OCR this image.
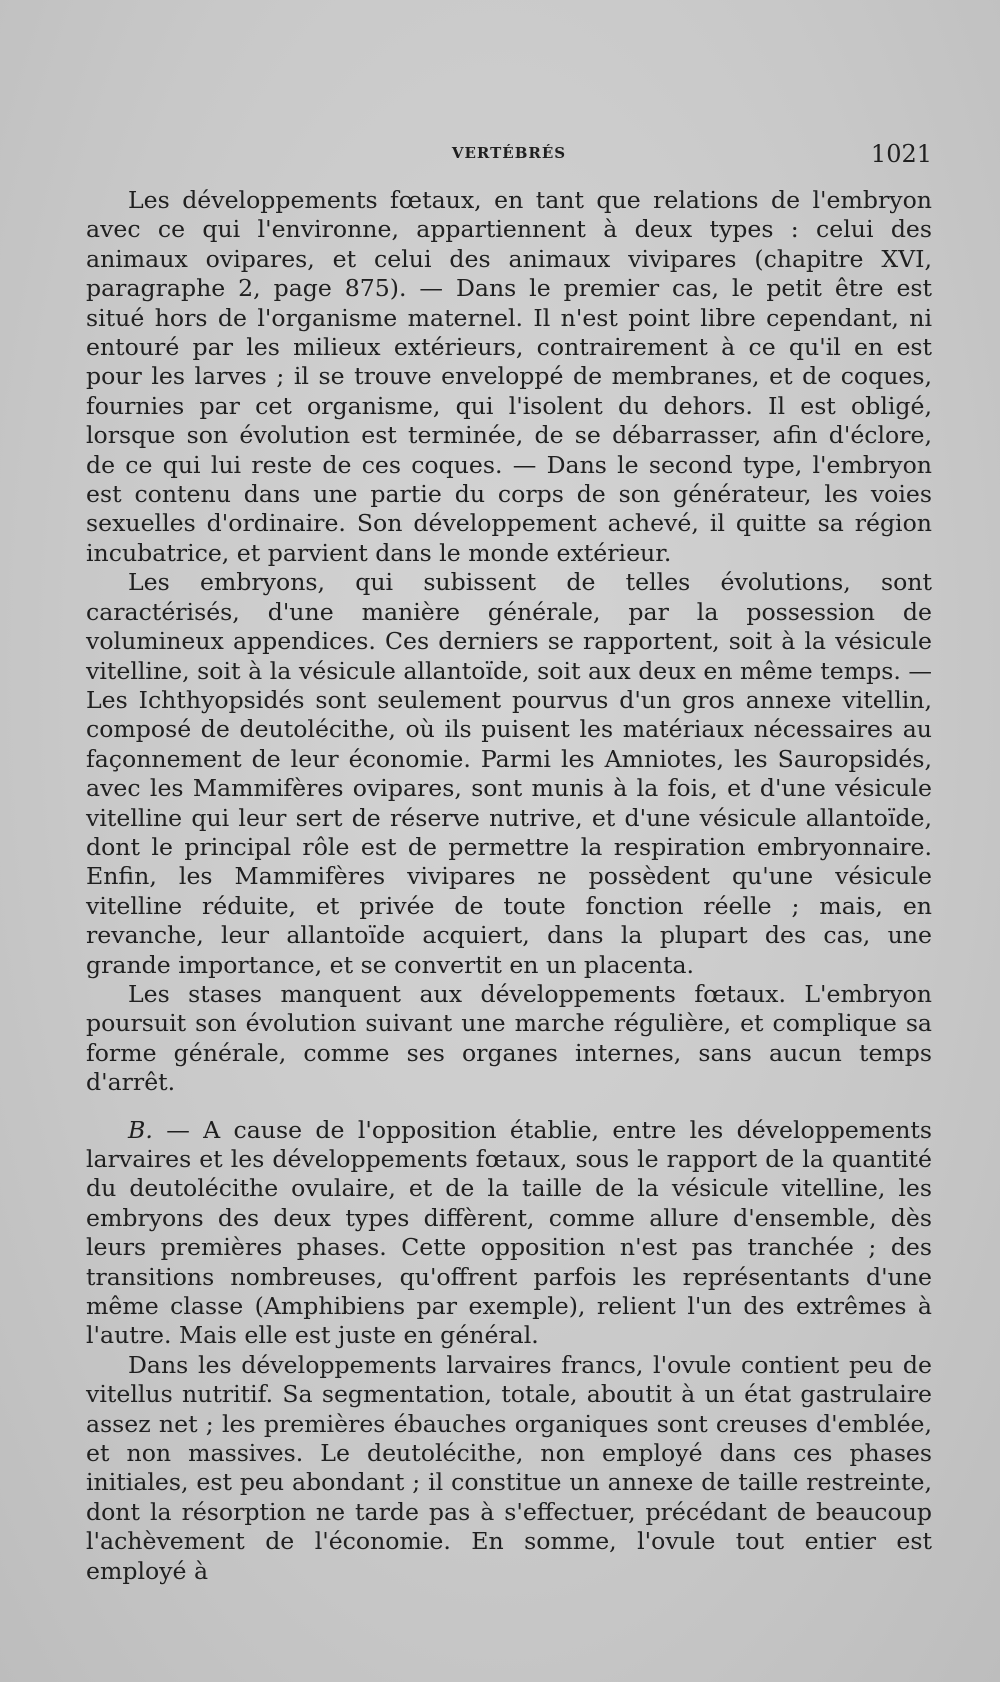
VERTÉBRÉS	1021

Les développements fœtaux, en tant que relations de l'embryon avec ce qui l'environne, appartiennent à deux types : celui des animaux ovipares, et celui des animaux vivipares (chapitre XVI, paragraphe 2, page 875). — Dans le premier cas, le petit être est situé hors de l'organisme maternel. Il n'est point libre cependant, ni entouré par les milieux extérieurs, contrairement à ce qu'il en est pour les larves ; il se trouve enveloppé de membranes, et de coques, fournies par cet organisme, qui l'isolent du dehors. Il est obligé, lorsque son évolution est terminée, de se débarrasser, afin d'éclore, de ce qui lui reste de ces coques. — Dans le second type, l'embryon est contenu dans une partie du corps de son générateur, les voies sexuelles d'ordinaire. Son développement achevé, il quitte sa région incubatrice, et parvient dans le monde extérieur.

Les embryons, qui subissent de telles évolutions, sont caractérisés, d'une manière générale, par la possession de volumineux appendices. Ces derniers se rapportent, soit à la vésicule vitelline, soit à la vésicule allantoïde, soit aux deux en même temps. — Les Ichthyopsidés sont seulement pourvus d'un gros annexe vitellin, composé de deutolécithe, où ils puisent les matériaux nécessaires au façonnement de leur économie. Parmi les Amniotes, les Sauropsidés, avec les Mammifères ovipares, sont munis à la fois, et d'une vésicule vitelline qui leur sert de réserve nutrive, et d'une vésicule allantoïde, dont le principal rôle est de permettre la respiration embryonnaire. Enfin, les Mammifères vivipares ne possèdent qu'une vésicule vitelline réduite, et privée de toute fonction réelle ; mais, en revanche, leur allantoïde acquiert, dans la plupart des cas, une grande importance, et se convertit en un placenta.

Les stases manquent aux développements fœtaux. L'embryon poursuit son évolution suivant une marche régulière, et complique sa forme générale, comme ses organes internes, sans aucun temps d'arrêt.

B. — A cause de l'opposition établie, entre les développements larvaires et les développements fœtaux, sous le rapport de la quantité du deutolécithe ovulaire, et de la taille de la vésicule vitelline, les embryons des deux types diffèrent, comme allure d'ensemble, dès leurs premières phases. Cette opposition n'est pas tranchée ; des transitions nombreuses, qu'offrent parfois les représentants d'une même classe (Amphibiens par exemple), relient l'un des extrêmes à l'autre. Mais elle est juste en général.

Dans les développements larvaires francs, l'ovule contient peu de vitellus nutritif. Sa segmentation, totale, aboutit à un état gastrulaire assez net ; les premières ébauches organiques sont creuses d'emblée, et non massives. Le deutolécithe, non employé dans ces phases initiales, est peu abondant ; il constitue un annexe de taille restreinte, dont la résorption ne tarde pas à s'effectuer, précédant de beaucoup l'achèvement de l'économie. En somme, l'ovule tout entier est employé à
